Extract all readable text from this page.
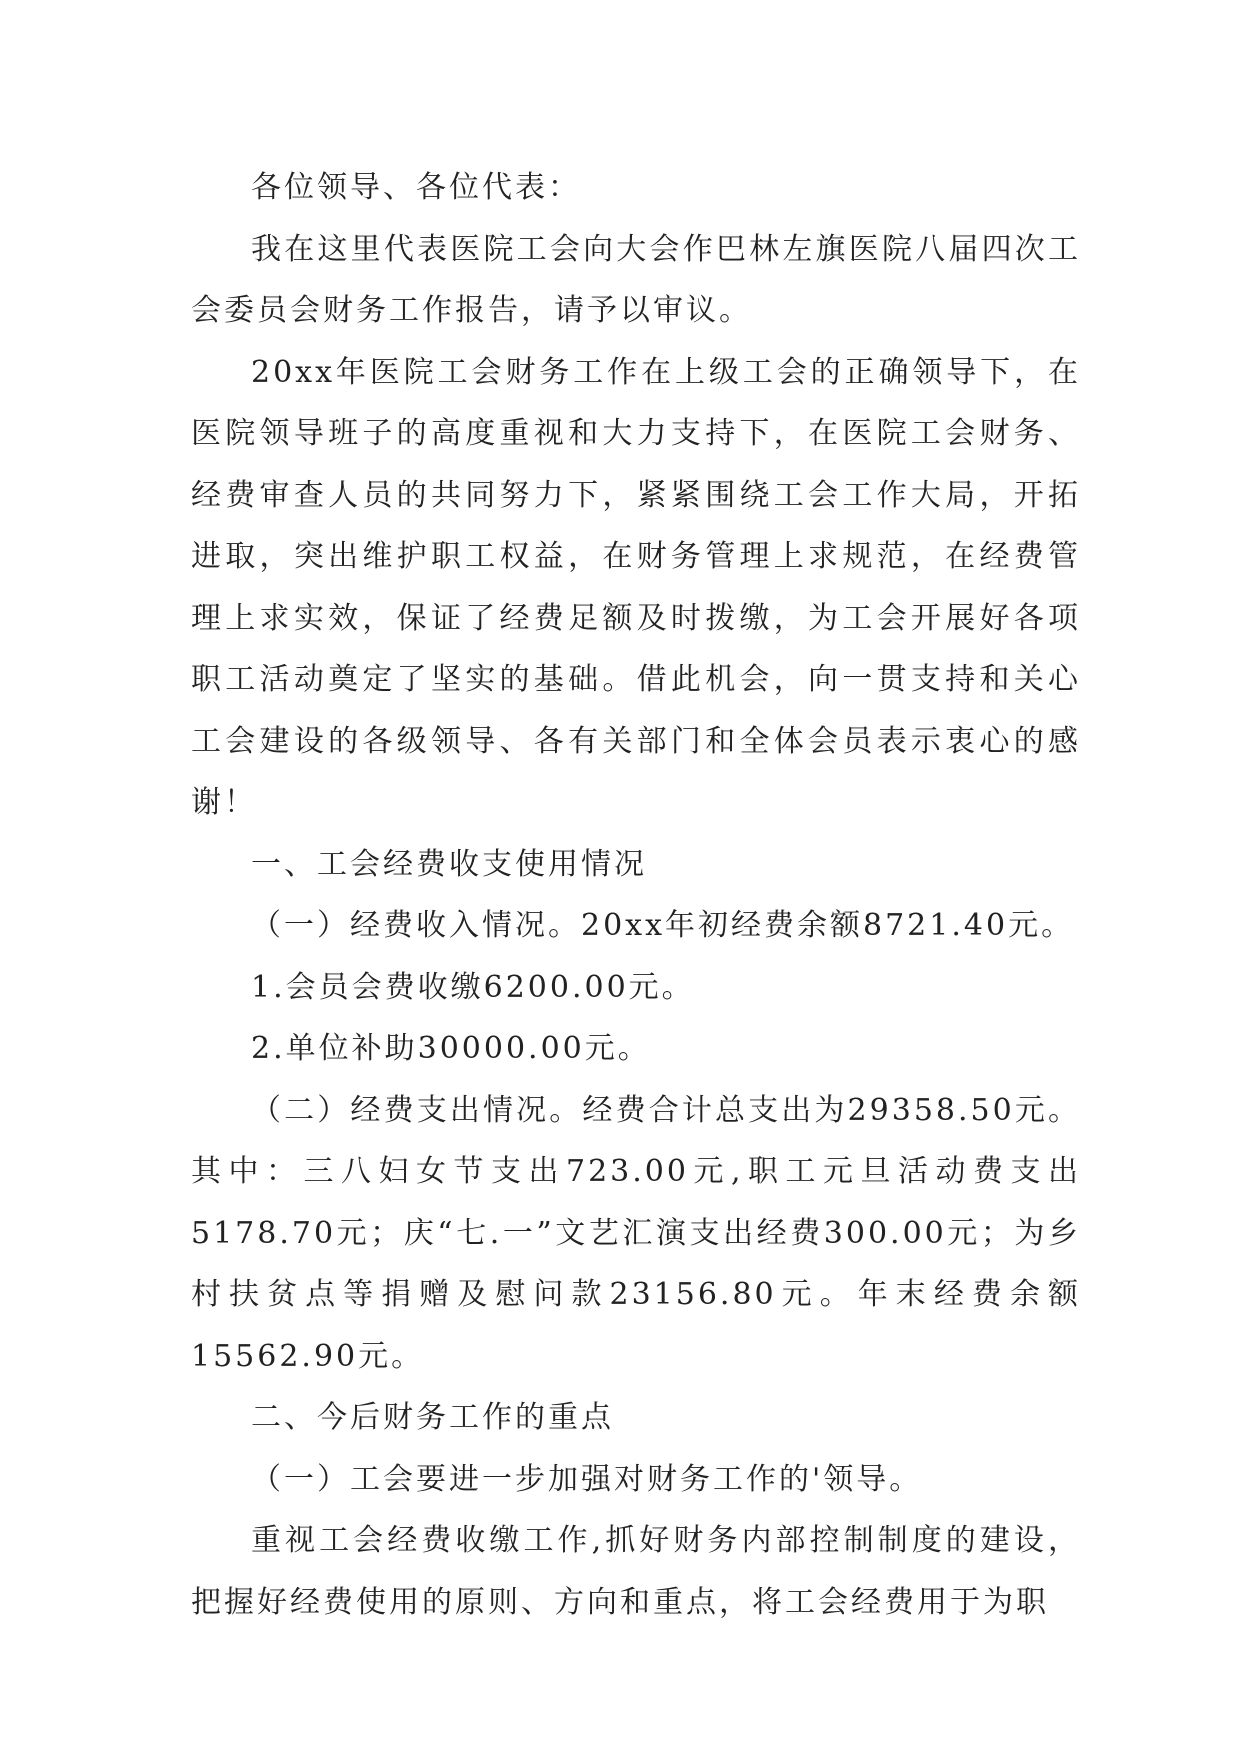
各位领导、各位代表：

我在这里代表医院工会向大会作巴林左旗医院八届四次工会委员会财务工作报告，请予以审议。

20xx年医院工会财务工作在上级工会的正确领导下，在医院领导班子的高度重视和大力支持下，在医院工会财务、经费审查人员的共同努力下，紧紧围绕工会工作大局，开拓进取，突出维护职工权益，在财务管理上求规范，在经费管理上求实效，保证了经费足额及时拨缴，为工会开展好各项职工活动奠定了坚实的基础。借此机会，向一贯支持和关心工会建设的各级领导、各有关部门和全体会员表示衷心的感谢！

一、工会经费收支使用情况

（一）经费收入情况。20xx年初经费余额8721.40元。

1.会员会费收缴6200.00元。

2.单位补助30000.00元。

（二）经费支出情况。经费合计总支出为29358.50元。其中：三八妇女节支出723.00元,职工元旦活动费支出5178.70元；庆“七.一”文艺汇演支出经费300.00元；为乡村扶贫点等捐赠及慰问款23156.80元。年末经费余额15562.90元。

二、今后财务工作的重点

（一）工会要进一步加强对财务工作的'领导。

重视工会经费收缴工作,抓好财务内部控制制度的建设，把握好经费使用的原则、方向和重点，将工会经费用于为职
